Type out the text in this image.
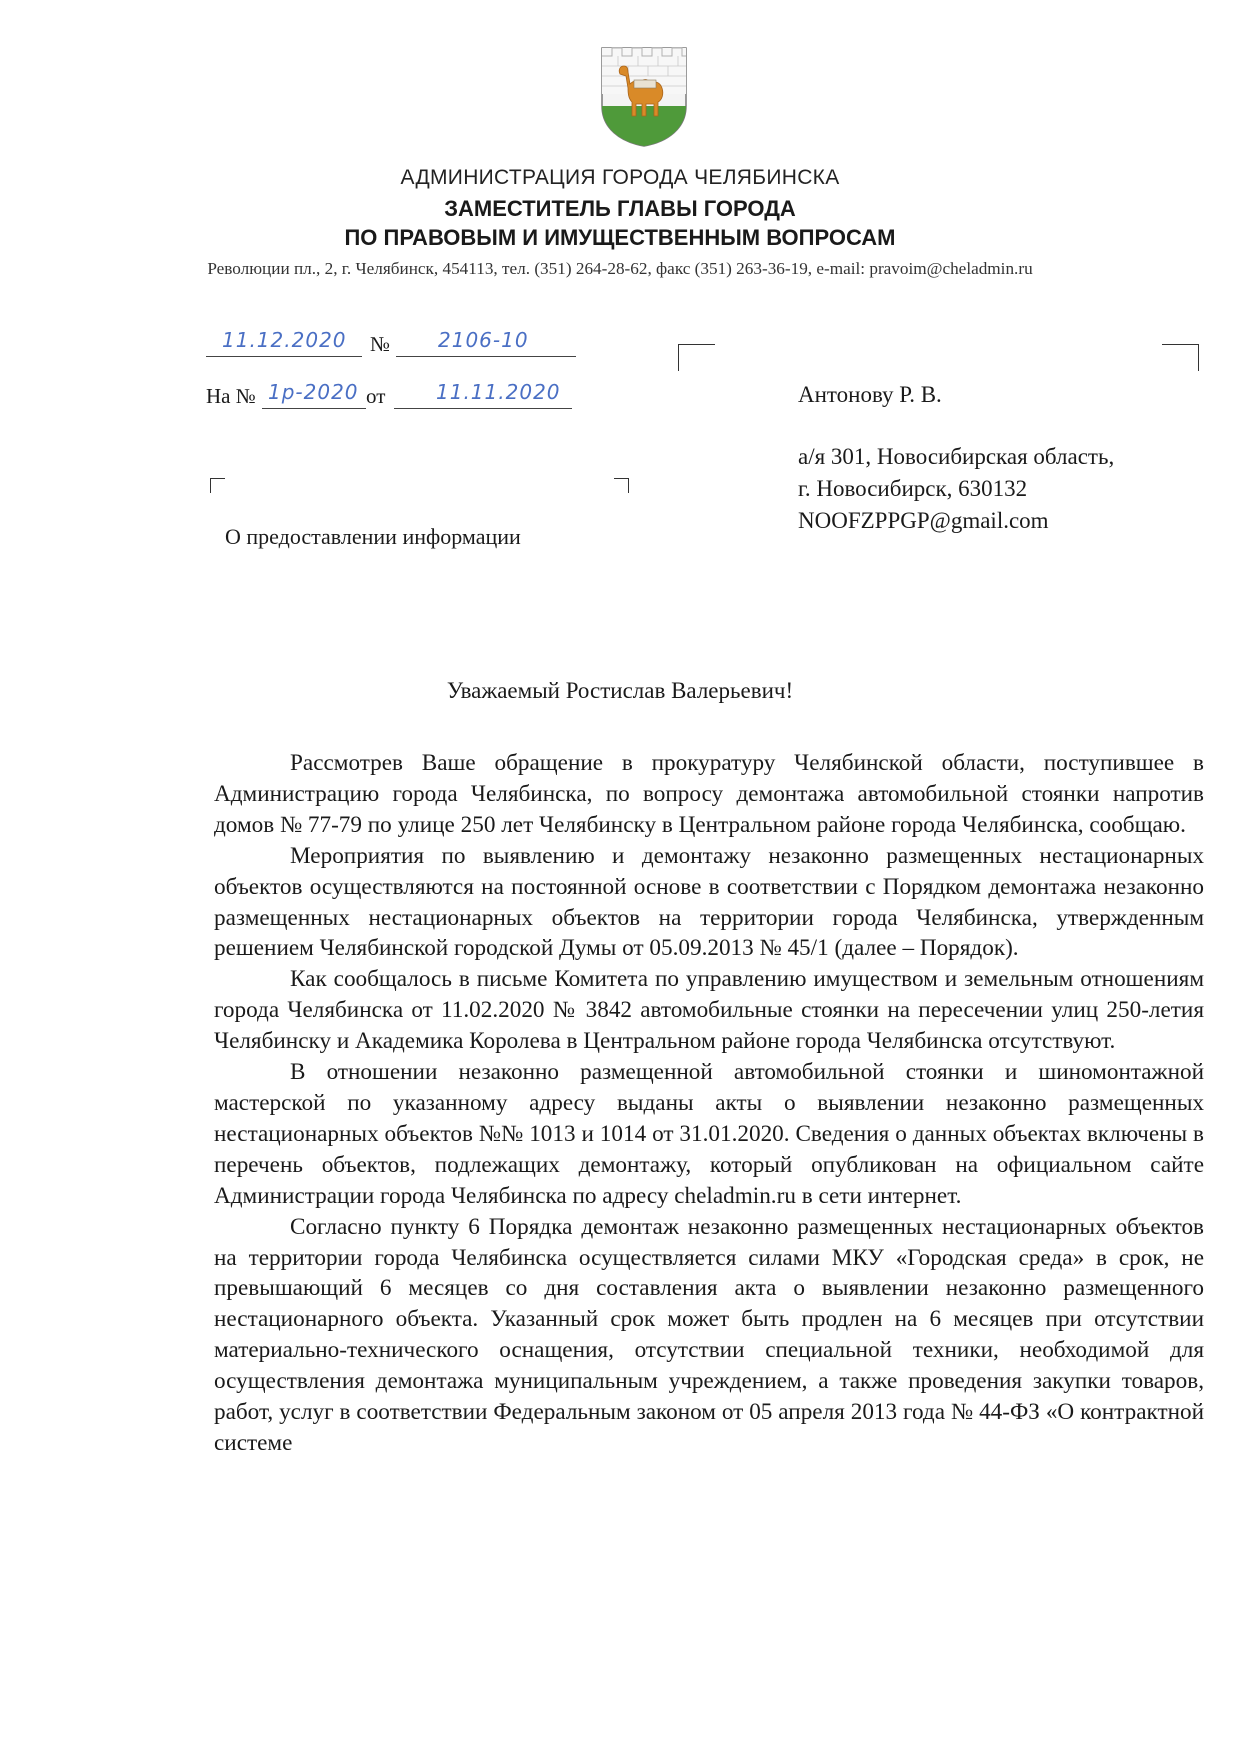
АДМИНИСТРАЦИЯ ГОРОДА ЧЕЛЯБИНСКА
ЗАМЕСТИТЕЛЬ ГЛАВЫ ГОРОДА
ПО ПРАВОВЫМ И ИМУЩЕСТВЕННЫМ ВОПРОСАМ
Революции пл., 2, г. Челябинск, 454113, тел. (351) 264-28-62, факс (351) 263-36-19, e-mail: pravoim@cheladmin.ru
11.12.2020 № 2106-10
На № 1р-2020 от	11.11.2020	Антонову Р. В.
а/я 301, Новосибирская область,
г. Новосибирск, 630132
NOOFZPPGP@gmail.com
О предоставлении информации
Уважаемый Ростислав Валерьевич!

Рассмотрев Ваше обращение в прокуратуру Челябинской области, поступившее в Администрацию города Челябинска, по вопросу демонтажа автомобильной стоянки напротив домов № 77-79 по улице 250 лет Челябинску в Центральном районе города Челябинска, сообщаю.

Мероприятия по выявлению и демонтажу незаконно размещенных нестационарных объектов осуществляются на постоянной основе в соответствии с Порядком демонтажа незаконно размещенных нестационарных объектов на территории города Челябинска, утвержденным решением Челябинской городской Думы от 05.09.2013 № 45/1 (далее – Порядок).

Как сообщалось в письме Комитета по управлению имуществом и земельным отношениям города Челябинска от 11.02.2020 № 3842 автомобильные стоянки на пересечении улиц 250-летия Челябинску и Академика Королева в Центральном районе города Челябинска отсутствуют.

В отношении незаконно размещенной автомобильной стоянки и шиномонтажной мастерской по указанному адресу выданы акты о выявлении незаконно размещенных нестационарных объектов №№ 1013 и 1014 от 31.01.2020. Сведения о данных объектах включены в перечень объектов, подлежащих демонтажу, который опубликован на официальном сайте Администрации города Челябинска по адресу cheladmin.ru в сети интернет.

Согласно пункту 6 Порядка демонтаж незаконно размещенных нестационарных объектов на территории города Челябинска осуществляется силами МКУ «Городская среда» в срок, не превышающий 6 месяцев со дня составления акта о выявлении незаконно размещенного нестационарного объекта. Указанный срок может быть продлен на 6 месяцев при отсутствии материально-технического оснащения, отсутствии специальной техники, необходимой для осуществления демонтажа муниципальным учреждением, а также проведения закупки товаров, работ, услуг в соответствии Федеральным законом от 05 апреля 2013 года № 44-ФЗ «О контрактной системе
